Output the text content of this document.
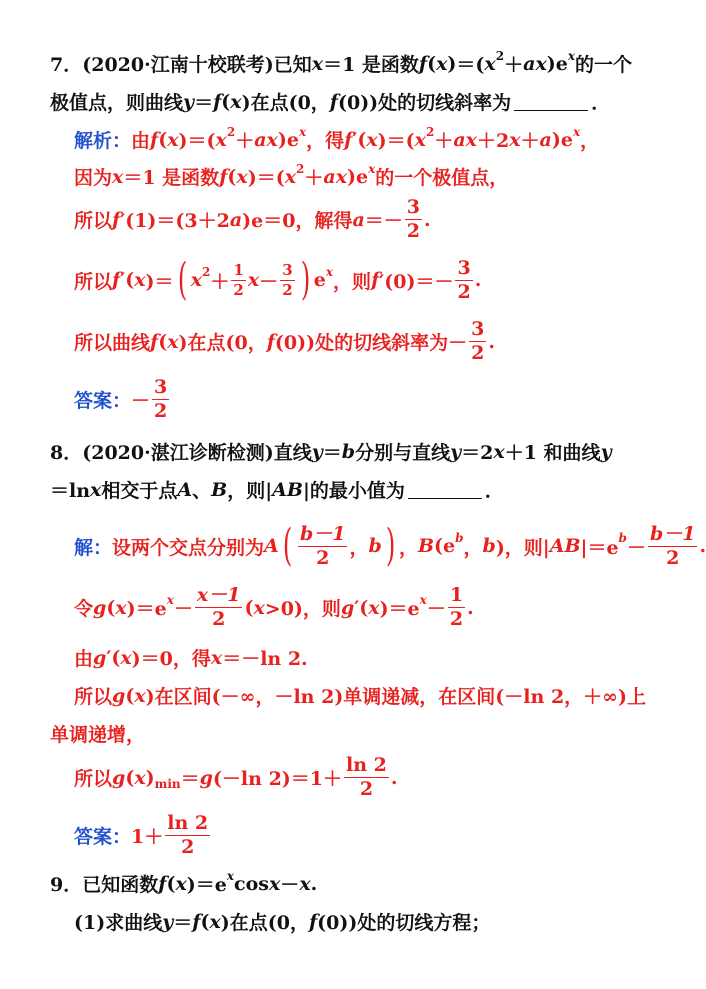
7． (2020·江南十校联考) 已知 x ＝1 是函数 f ( x ) ＝( x 2 ＋ a x )e x 的一个
极值点，则曲线 y ＝ f ( x )在点(0， f (0))处的切线斜率为	．
解析： 由 f ( x )＝( x 2 ＋ ax )e x ，得 f ′( x )＝( x 2 ＋ ax ＋2 x ＋ a )e x ，
因为 x ＝1 是函数 f ( x )＝( x 2 ＋ ax )e x 的一个极值点，
所以 f ′(1)＝(3＋2 a )e＝0，解得 $a =- \frac{3}{2}$ .
所以 f ′( x )＝ ( x $2 + \frac{1}{2}$ $x - \frac{3}{2}$ ) e x ，则 f $'(0)=- \frac{3}{2}$ .
所以曲线 f ( x )在点(0， f (0))处的切线斜率为－ $\frac{3}{2}$ .
答案： － $\frac{3}{2}$
8． (2020·湛江诊断检测) 直线 y ＝ b 分别与直线 y ＝2 x ＋1 和曲线 y
＝ln x 相交于点 A 、 B ，则| AB |的最小值为	．
解： 设两个交点分别为 A ( $\frac{b-1}{2}$ ， b ) ， B (e b ， b )，则| AB |＝e $b - \frac{b-1}{2}$ .
令 g ( x )＝e $x - \frac{x-1}{2}$ ( x >0)，则 g ′( x )＝e $x - \frac{1}{2}$ .
由 g ′( x )＝0，得 x ＝－ln 2.
所以 g ( x )在区间(－∞，－ln 2)单调递减，在区间(－ln 2，＋∞)上
单调递增，
所以 g ( x ) min ＝ g (－ln $2)=1+ \frac{\ln 2}{2}$ .
答案： $1+ \frac{\ln 2}{2}$
9． 已知函数 f ( x )＝e x cos x － x .
(1)求曲线 y ＝ f ( x )在点(0， f (0))处的切线方程；
